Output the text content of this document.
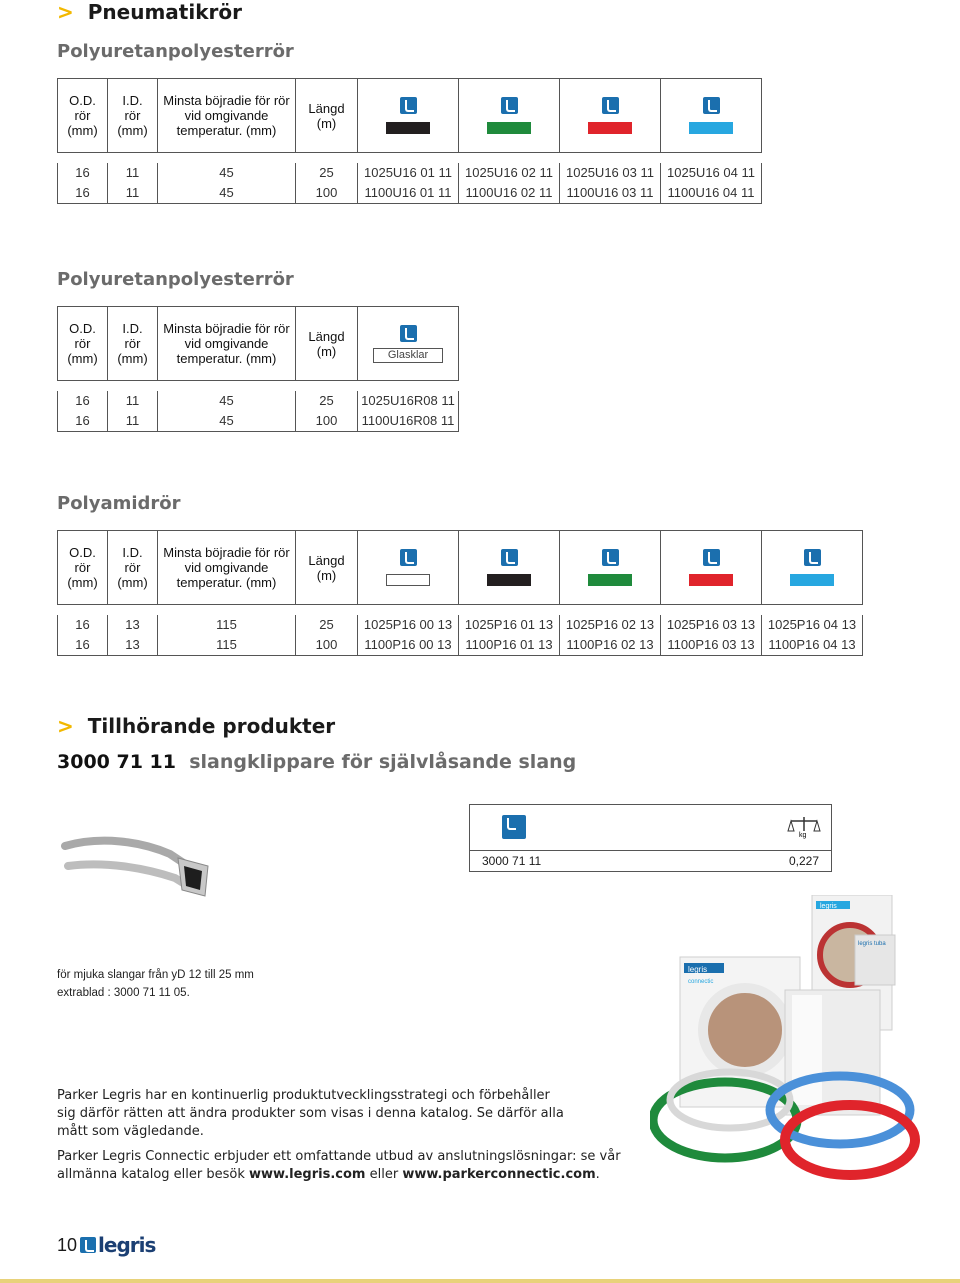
> Pneumatikrör
Polyuretanpolyesterrör
O.D.
rör
(mm)	I.D.
rör
(mm)	Minsta böjradie för rör
vid omgivande
temperatur. (mm)	Längd
(m)	

16	11	45	25	1025U16 01 11	1025U16 02 11	1025U16 03 11	1025U16 04 11
16	11	45	100	1100U16 01 11	1100U16 02 11	1100U16 03 11	1100U16 04 11
Polyuretanpolyesterrör
O.D.
rör
(mm)	I.D.
rör
(mm)	Minsta böjradie för rör
vid omgivande
temperatur. (mm)	Längd
(m)	Glasklar

16	11	45	25	1025U16R08 11
16	11	45	100	1100U16R08 11
Polyamidrör
O.D.
rör
(mm)	I.D.
rör
(mm)	Minsta böjradie för rör
vid omgivande
temperatur. (mm)	Längd
(m)	

16	13	115	25	1025P16 00 13	1025P16 01 13	1025P16 02 13	1025P16 03 13	1025P16 04 13
16	13	115	100	1100P16 00 13	1100P16 01 13	1100P16 02 13	1100P16 03 13	1100P16 04 13
> Tillhörande produkter
3000 71 11 slangklippare för självlåsande slang
kg
3000 71 11	0,227
för mjuka slangar från yD 12 till 25 mm
extrablad : 3000 71 11 05.
legris
legris tuba
legris
connectic
Parker Legris har en kontinuerlig produktutvecklingsstrategi och förbehåller
sig därför rätten att ändra produkter som visas i denna katalog. Se därför alla
mått som vägledande.
Parker Legris Connectic erbjuder ett omfattande utbud av anslutningslösningar: se vår
allmänna katalog eller besök www.legris.com eller www.parkerconnectic.com.
10 legris
